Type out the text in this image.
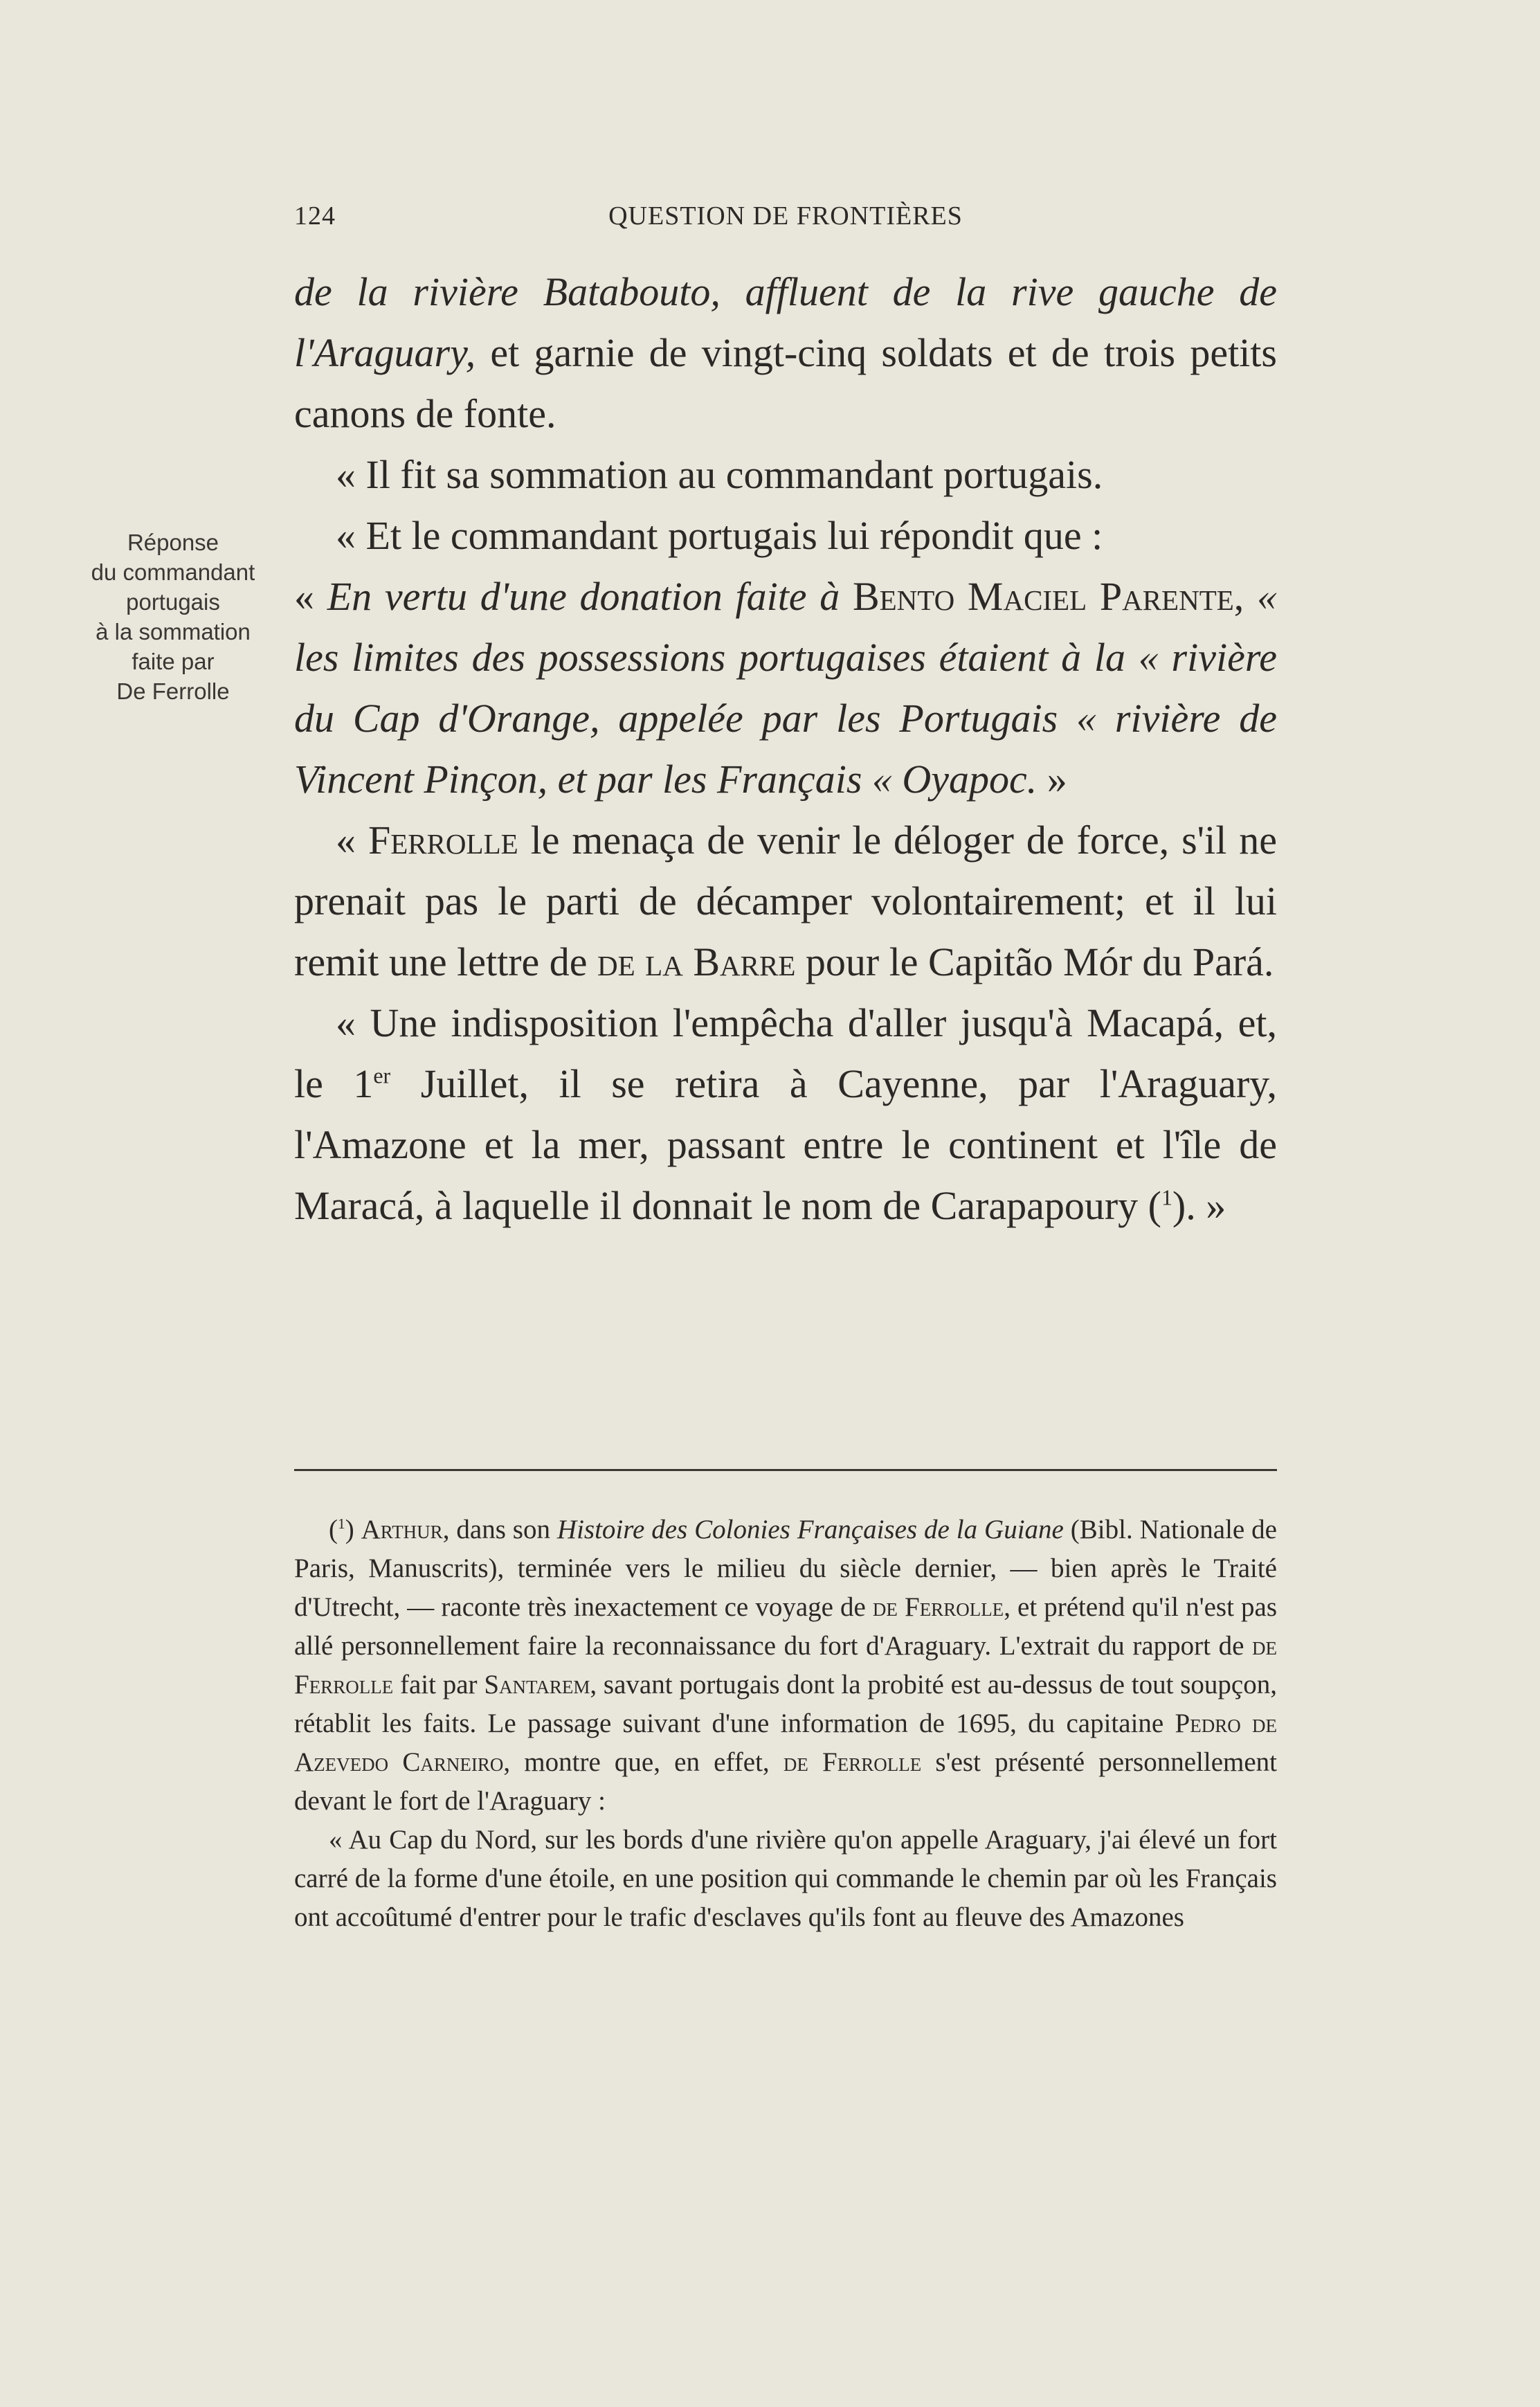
124	QUESTION DE FRONTIÈRES
Réponse
du commandant
portugais
à la sommation
faite par
De Ferrolle

de la rivière Batabouto, affluent de la rive gauche de l'Araguary, et garnie de vingt-cinq soldats et de trois petits canons de fonte.

« Il fit sa sommation au commandant portugais.

« Et le commandant portugais lui répondit que :

« En vertu d'une donation faite à Bento Maciel Parente, « les limites des possessions portugaises étaient à la « rivière du Cap d'Orange, appelée par les Portugais « rivière de Vincent Pinçon, et par les Français « Oyapoc. »

« Ferrolle le menaça de venir le déloger de force, s'il ne prenait pas le parti de décamper volontairement; et il lui remit une lettre de de la Barre pour le Capitão Mór du Pará.

« Une indisposition l'empêcha d'aller jusqu'à Macapá, et, le 1er Juillet, il se retira à Cayenne, par l'Araguary, l'Amazone et la mer, passant entre le continent et l'île de Maracá, à laquelle il donnait le nom de Carapapoury ($^1$). »

($^1$) Arthur, dans son Histoire des Colonies Françaises de la Guiane (Bibl. Nationale de Paris, Manuscrits), terminée vers le milieu du siècle dernier, — bien après le Traité d'Utrecht, — raconte très inexactement ce voyage de de Ferrolle, et prétend qu'il n'est pas allé personnellement faire la reconnaissance du fort d'Araguary. L'extrait du rapport de de Ferrolle fait par Santarem, savant portugais dont la probité est au-dessus de tout soupçon, rétablit les faits. Le passage suivant d'une information de 1695, du capitaine Pedro de Azevedo Carneiro, montre que, en effet, de Ferrolle s'est présenté personnellement devant le fort de l'Araguary :

« Au Cap du Nord, sur les bords d'une rivière qu'on appelle Araguary, j'ai élevé un fort carré de la forme d'une étoile, en une position qui commande le chemin par où les Français ont accoûtumé d'entrer pour le trafic d'esclaves qu'ils font au fleuve des Amazones
